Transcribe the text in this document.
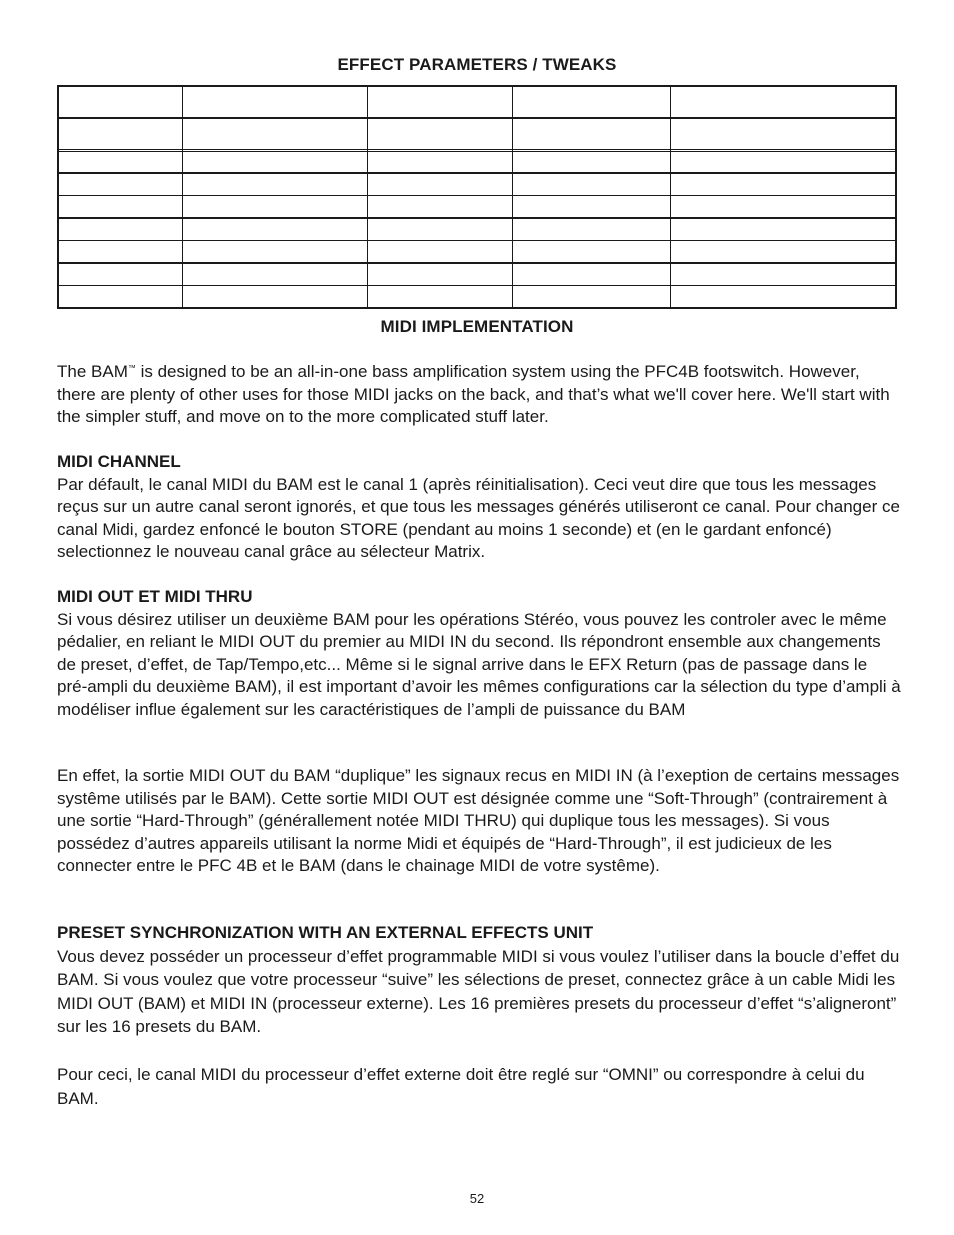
EFFECT PARAMETERS / TWEAKS
MIDI IMPLEMENTATION

The BAM™ is designed to be an all-in-one bass amplification system using the PFC4B footswitch. However, there are plenty of other uses for those MIDI jacks on the back, and that’s what we'll cover here. We'll start with the simpler stuff, and move on to the more complicated stuff later.

MIDI CHANNEL

Par défault, le canal MIDI du BAM est le canal 1 (après réinitialisation). Ceci veut dire que tous les messages reçus sur un autre canal seront ignorés, et que tous les messages générés utiliseront ce canal. Pour changer ce canal Midi, gardez enfoncé le bouton STORE (pendant au moins 1 seconde) et (en le gardant enfoncé) selectionnez le nouveau canal grâce au sélecteur Matrix.

MIDI OUT ET MIDI THRU

Si vous désirez utiliser un deuxième BAM pour les opérations Stéréo, vous pouvez les controler avec le même pédalier, en reliant le MIDI OUT du premier au MIDI IN du second. Ils répondront ensemble aux changements de preset, d’effet, de Tap/Tempo,etc... Même si le signal arrive dans le EFX Return (pas de passage dans le pré-ampli du deuxième BAM), il est important d’avoir les mêmes configurations car la sélection du type d’ampli à modéliser influe également sur les caractéristiques de l’ampli de puissance du BAM

En effet, la sortie MIDI OUT du BAM “duplique” les signaux recus en MIDI IN (à l’exeption de certains messages systême utilisés par le BAM). Cette sortie MIDI OUT est désignée comme une “Soft-Through” (contrairement à une sortie “Hard-Through” (générallement notée MIDI THRU) qui duplique tous les messages). Si vous possédez d’autres appareils utilisant la norme Midi et équipés de “Hard-Through”, il est judicieux de les connecter entre le PFC 4B et le BAM (dans le chainage MIDI de votre systême).

PRESET SYNCHRONIZATION WITH AN EXTERNAL EFFECTS UNIT

Vous devez posséder un processeur d’effet programmable MIDI si vous voulez l’utiliser dans la boucle d’effet du BAM. Si vous voulez que votre processeur “suive” les sélections de preset, connectez grâce à un cable Midi les MIDI OUT (BAM) et MIDI IN (processeur externe). Les 16 premières presets du processeur d’effet “s’aligneront” sur les 16 presets du BAM.

Pour ceci, le canal MIDI du processeur d’effet externe doit être reglé sur “OMNI” ou correspondre à celui du BAM.

52
